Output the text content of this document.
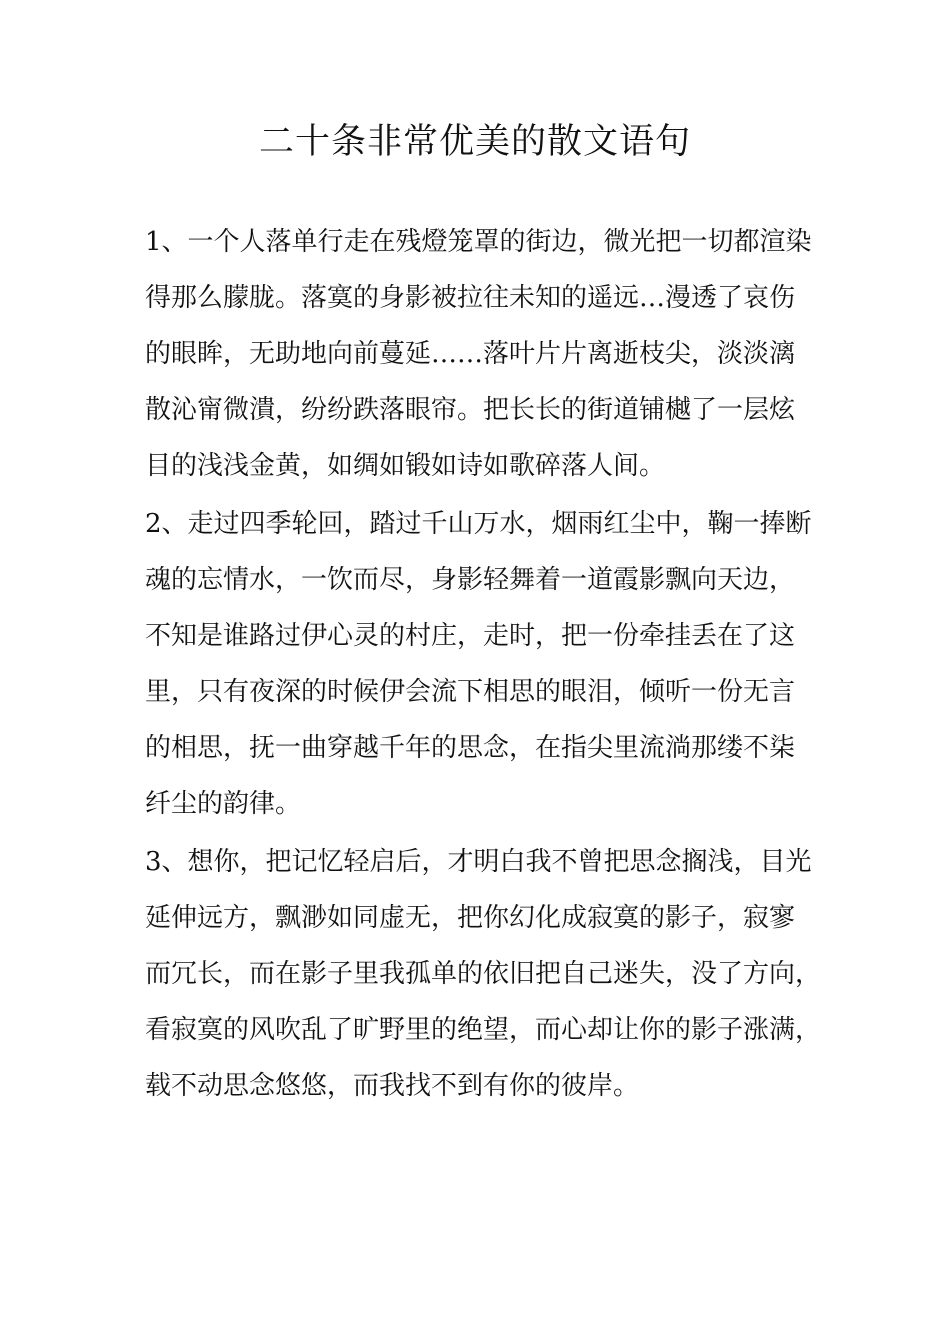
二十条非常优美的散文语句
1、一个人落单行走在残燈笼罩的街边，微光把一切都渲染
得那么朦胧。落寞的身影被拉往未知的遥远…漫透了哀伤
的眼眸，无助地向前蔓延……落叶片片离逝枝尖，淡淡漓
散沁甯微潰，纷纷跌落眼帘。把长长的街道铺樾了一层炫
目的浅浅金黄，如绸如锻如诗如歌碎落人间。
2、走过四季轮回，踏过千山万水，烟雨红尘中，鞠一捧断
魂的忘情水，一饮而尽，身影轻舞着一道霞影飘向天边，
不知是谁路过伊心灵的村庄，走时，把一份牵挂丢在了这
里，只有夜深的时候伊会流下相思的眼泪，倾听一份无言
的相思，抚一曲穿越千年的思念，在指尖里流淌那缕不柒
纤尘的韵律。
3、想你，把记忆轻启后，才明白我不曾把思念搁浅，目光
延伸远方，飘渺如同虚无，把你幻化成寂寞的影子，寂寥
而冗长，而在影子里我孤单的依旧把自己迷失，没了方向，
看寂寞的风吹乱了旷野里的绝望，而心却让你的影子涨满，
载不动思念悠悠，而我找不到有你的彼岸。
